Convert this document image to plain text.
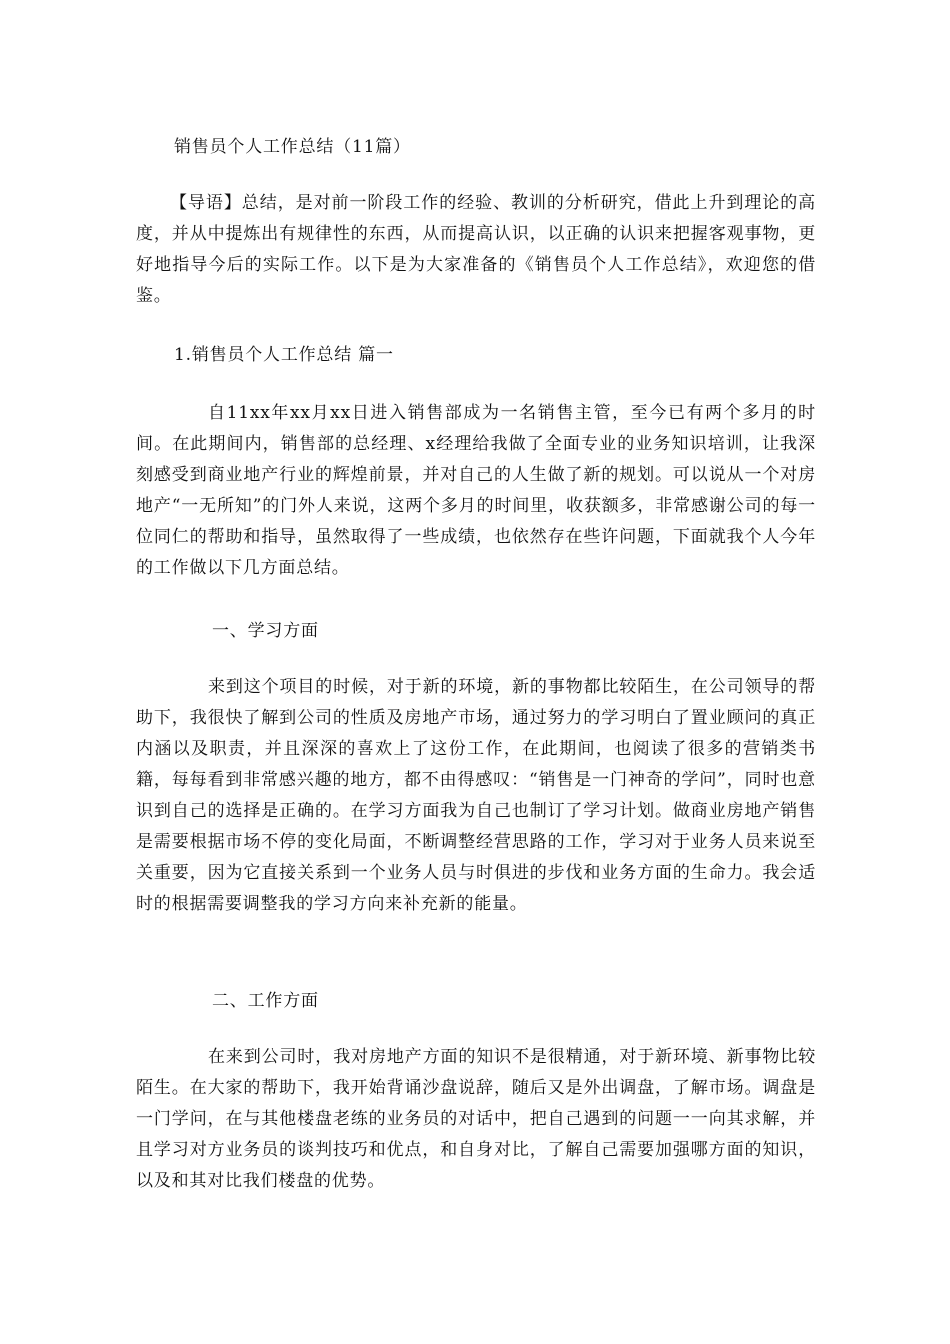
销售员个人工作总结（11篇）
【导语】总结，是对前一阶段工作的经验、教训的分析研究，借此上升到理论的高度，并从中提炼出有规律性的东西，从而提高认识，以正确的认识来把握客观事物，更好地指导今后的实际工作。以下是为大家准备的《销售员个人工作总结》，欢迎您的借鉴。
1.销售员个人工作总结 篇一
自11xx年xx月xx日进入销售部成为一名销售主管，至今已有两个多月的时间。在此期间内，销售部的总经理、x经理给我做了全面专业的业务知识培训，让我深刻感受到商业地产行业的辉煌前景，并对自己的人生做了新的规划。可以说从一个对房地产“一无所知”的门外人来说，这两个多月的时间里，收获额多，非常感谢公司的每一位同仁的帮助和指导，虽然取得了一些成绩，也依然存在些许问题，下面就我个人今年的工作做以下几方面总结。
一、学习方面
来到这个项目的时候，对于新的环境，新的事物都比较陌生，在公司领导的帮助下，我很快了解到公司的性质及房地产市场，通过努力的学习明白了置业顾问的真正内涵以及职责，并且深深的喜欢上了这份工作，在此期间，也阅读了很多的营销类书籍，每每看到非常感兴趣的地方，都不由得感叹：“销售是一门神奇的学问”，同时也意识到自己的选择是正确的。在学习方面我为自己也制订了学习计划。做商业房地产销售是需要根据市场不停的变化局面，不断调整经营思路的工作，学习对于业务人员来说至关重要，因为它直接关系到一个业务人员与时俱进的步伐和业务方面的生命力。我会适时的根据需要调整我的学习方向来补充新的能量。
二、工作方面
在来到公司时，我对房地产方面的知识不是很精通，对于新环境、新事物比较陌生。在大家的帮助下，我开始背诵沙盘说辞，随后又是外出调盘，了解市场。调盘是一门学问，在与其他楼盘老练的业务员的对话中，把自己遇到的问题一一向其求解，并且学习对方业务员的谈判技巧和优点，和自身对比，了解自己需要加强哪方面的知识，以及和其对比我们楼盘的优势。
